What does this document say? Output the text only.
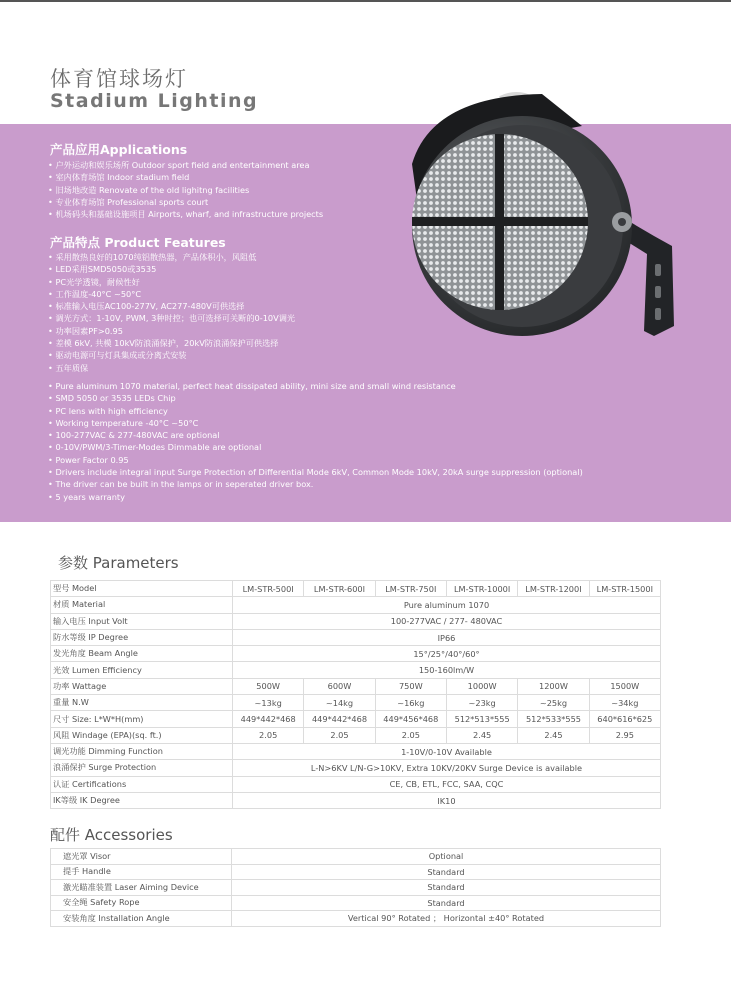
体育馆球场灯
Stadium Lighting
产品应用Applications
• 户外运动和娱乐场所 Outdoor sport field and entertainment area
• 室内体育场馆 Indoor stadium field
• 旧场地改造 Renovate of the old lighitng facilities
• 专业体育场馆 Professional sports court
• 机场码头和基础设施项目 Airports, wharf, and infrastructure projects
产品特点 Product Features
• 采用散热良好的1070纯铝散热器，产品体积小，风阻低
• LED采用SMD5050或3535
• PC光学透镜，耐候性好
• 工作温度-40°C ~50°C
• 标准输入电压AC100-277V, AC277-480V可供选择
• 调光方式：1-10V, PWM, 3种时控；也可选择可关断的0-10V调光
• 功率因素PF>0.95
• 差模 6kV, 共模 10kV防浪涌保护，20kV防浪涌保护可供选择
• 驱动电源可与灯具集成或分离式安装
• 五年质保
• Pure aluminum 1070 material, perfect heat dissipated ability, mini size and small wind resistance
• SMD 5050 or 3535 LEDs Chip
• PC lens with high efficiency
• Working temperature -40°C ~50°C
• 100-277VAC & 277-480VAC are optional
• 0-10V/PWM/3-Timer-Modes Dimmable are optional
• Power Factor 0.95
• Drivers include integral input Surge Protection of Differential Mode 6kV, Common Mode 10kV, 20kA surge suppression (optional)
• The driver can be built in the lamps or in seperated driver box.
• 5 years warranty
参数 Parameters
型号 Model	LM-STR-500I	LM-STR-600I	LM-STR-750I	LM-STR-1000I	LM-STR-1200I	LM-STR-1500I
材质 Material	Pure aluminum 1070					
输入电压 Input Volt	100-277VAC / 277- 480VAC					
防水等级 IP Degree	IP66					
发光角度 Beam Angle	15°/25°/40°/60°					
光效 Lumen Efficiency	150-160lm/W					
功率 Wattage	500W	600W	750W	1000W	1200W	1500W
重量 N.W	~13kg	~14kg	~16kg	~23kg	~25kg	~34kg
尺寸 Size: L*W*H(mm)	449*442*468	449*442*468	449*456*468	512*513*555	512*533*555	640*616*625
风阻 Windage (EPA)(sq. ft.)	2.05	2.05	2.05	2.45	2.45	2.95
调光功能 Dimming Function	1-10V/0-10V Available					
浪涌保护 Surge Protection	L-N>6KV L/N-G>10KV, Extra 10KV/20KV Surge Device is available					
认证 Certifications	CE, CB, ETL, FCC, SAA, CQC					
IK等级 IK Degree	IK10					
配件 Accessories
遮光罩 Visor	Optional
提手 Handle	Standard
激光瞄准装置 Laser Aiming Device	Standard
安全绳 Safety Rope	Standard
安装角度 Installation Angle	Vertical 90° Rotated ； Horizontal ±40° Rotated
